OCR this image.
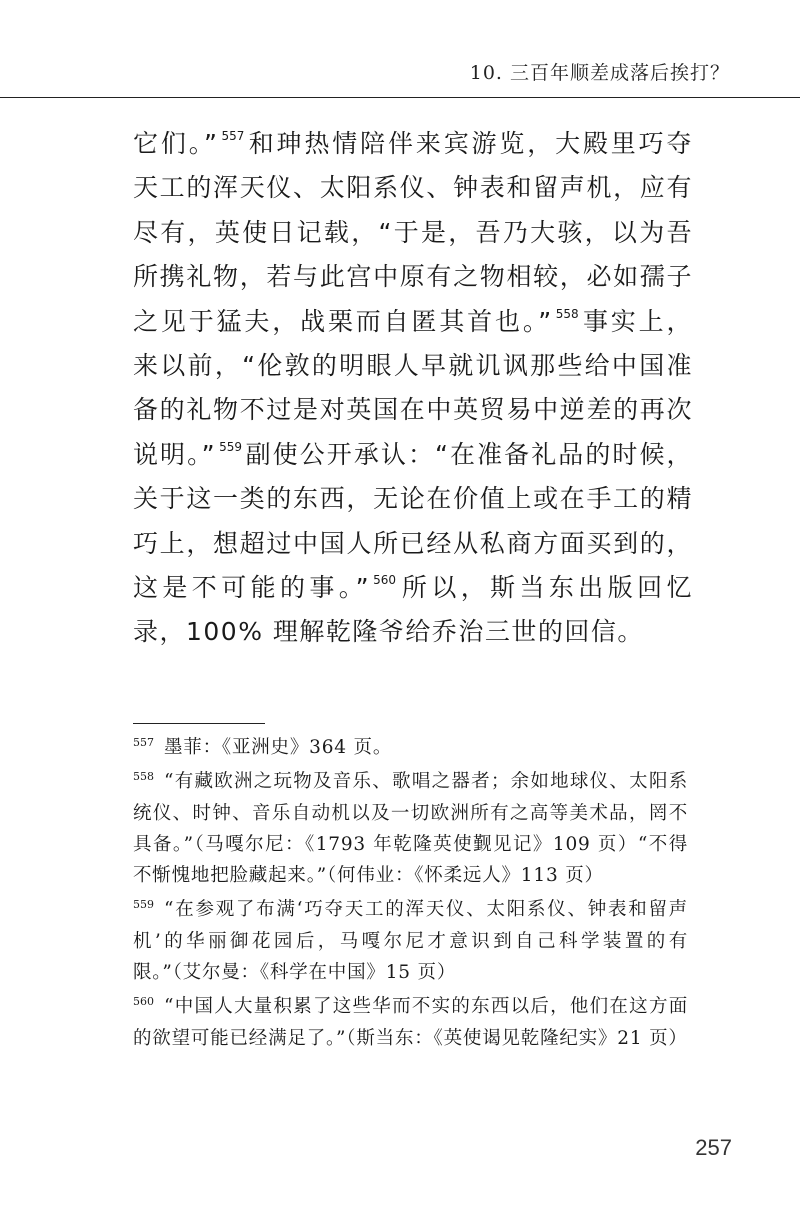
10. 三百年顺差成落后挨打？

它们。” $^{557}$ 和珅热情陪伴来宾游览，大殿里巧夺天工的浑天仪、太阳系仪、钟表和留声机，应有尽有，英使日记载，“于是，吾乃大骇，以为吾所携礼物，若与此宫中原有之物相较，必如孺子之见于猛夫，战栗而自匿其首也。” $^{558}$ 事实上，来以前，“伦敦的明眼人早就讥讽那些给中国准备的礼物不过是对英国在中英贸易中逆差的再次说明。” $^{559}$ 副使公开承认：“在准备礼品的时候，关于这一类的东西，无论在价值上或在手工的精巧上，想超过中国人所已经从私商方面买到的，这是不可能的事。” $^{560}$ 所以，斯当东出版回忆录，100% 理解乾隆爷给乔治三世的回信。

$^{557}$ 墨菲：《亚洲史》364 页。

$^{558}$ “有藏欧洲之玩物及音乐、歌唱之器者；余如地球仪、太阳系统仪、时钟、音乐自动机以及一切欧洲所有之高等美术品，罔不具备。”（马嘎尔尼：《1793 年乾隆英使觐见记》109 页）“不得不惭愧地把脸藏起来。”（何伟业：《怀柔远人》113 页）

$^{559}$ “在参观了布满‘巧夺天工的浑天仪、太阳系仪、钟表和留声机’的华丽御花园后，马嘎尔尼才意识到自己科学装置的有限。”（艾尔曼：《科学在中国》15 页）

$^{560}$ “中国人大量积累了这些华而不实的东西以后，他们在这方面的欲望可能已经满足了。”（斯当东：《英使谒见乾隆纪实》21 页）

257
